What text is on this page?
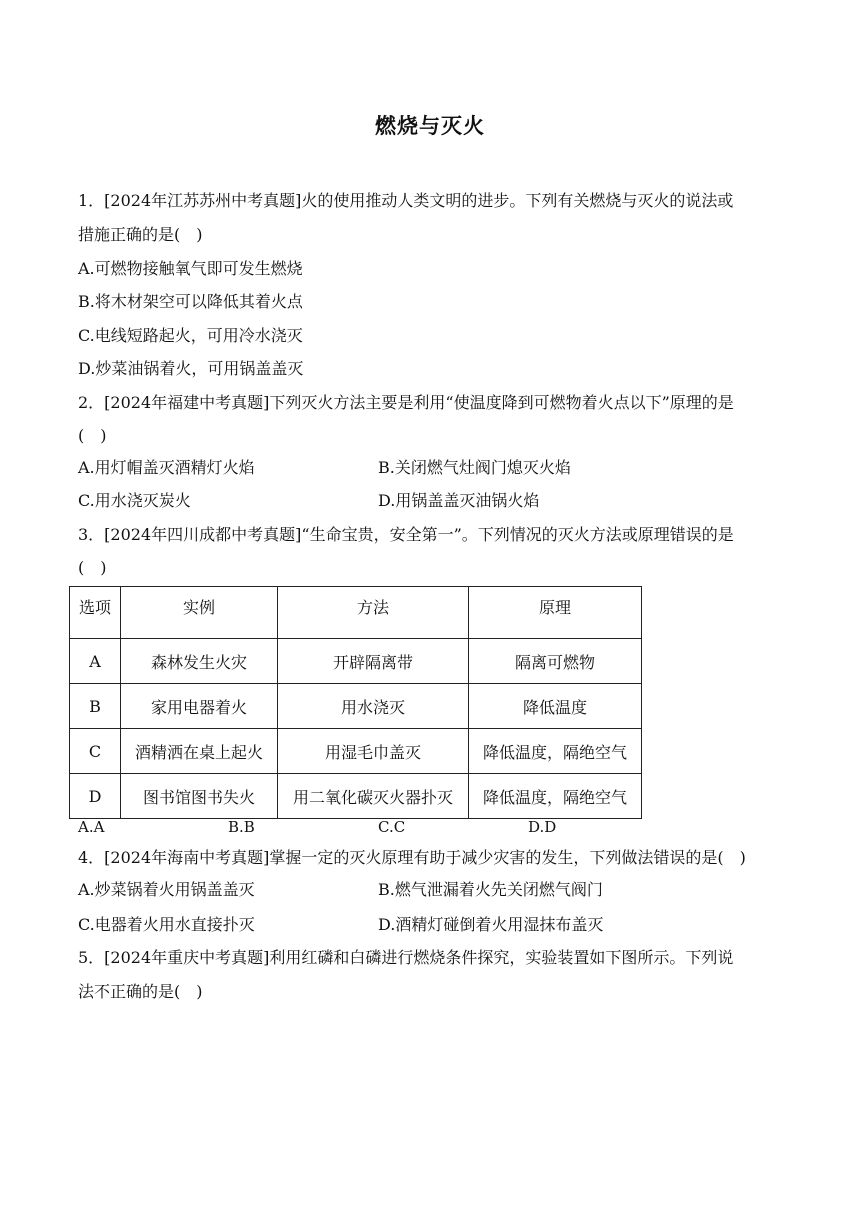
燃烧与灭火
1．[2024年江苏苏州中考真题]火的使用推动人类文明的进步。下列有关燃烧与灭火的说法或
措施正确的是(　)
A.可燃物接触氧气即可发生燃烧
B.将木材架空可以降低其着火点
C.电线短路起火，可用冷水浇灭
D.炒菜油锅着火，可用锅盖盖灭
2．[2024年福建中考真题]下列灭火方法主要是利用“使温度降到可燃物着火点以下”原理的是
(　)
A.用灯帽盖灭酒精灯火焰	B.关闭燃气灶阀门熄灭火焰
C.用水浇灭炭火	D.用锅盖盖灭油锅火焰
3．[2024年四川成都中考真题]“生命宝贵，安全第一”。下列情况的灭火方法或原理错误的是
(　)
选项	实例	方法	原理
A	森林发生火灾	开辟隔离带	隔离可燃物
B	家用电器着火	用水浇灭	降低温度
C	酒精洒在桌上起火	用湿毛巾盖灭	降低温度，隔绝空气
D	图书馆图书失火	用二氧化碳灭火器扑灭	降低温度，隔绝空气
A.A	B.B	C.C	D.D
4．[2024年海南中考真题]掌握一定的灭火原理有助于减少灾害的发生，下列做法错误的是(　)
A.炒菜锅着火用锅盖盖灭	B.燃气泄漏着火先关闭燃气阀门
C.电器着火用水直接扑灭	D.酒精灯碰倒着火用湿抹布盖灭
5．[2024年重庆中考真题]利用红磷和白磷进行燃烧条件探究，实验装置如下图所示。下列说
法不正确的是(　)
